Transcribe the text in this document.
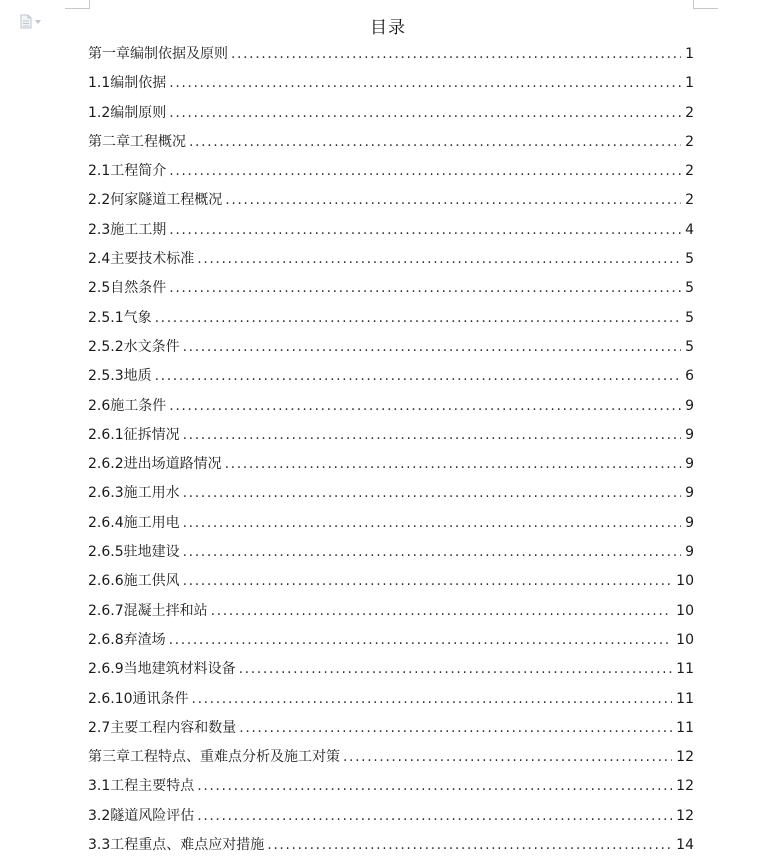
目录
第一章编制依据及原则 .....	1
1.1编制依据 .....	1
1.2编制原则 .....	2
第二章工程概况 .....	2
2.1工程简介 .....	2
2.2何家隧道工程概况 .....	2
2.3施工工期 .....	4
2.4主要技术标准 .....	5
2.5自然条件 .....	5
2.5.1气象 .....	5
2.5.2水文条件 .....	5
2.5.3地质 .....	6
2.6施工条件 .....	9
2.6.1征拆情况 .....	9
2.6.2进出场道路情况 .....	9
2.6.3施工用水 .....	9
2.6.4施工用电 .....	9
2.6.5驻地建设 .....	9
2.6.6施工供风 .....	10
2.6.7混凝土拌和站 .....	10
2.6.8弃渣场 .....	10
2.6.9当地建筑材料设备 .....	11
2.6.10通讯条件 .....	11
2.7主要工程内容和数量 .....	11
第三章工程特点、重难点分析及施工对策 .....	12
3.1工程主要特点 .....	12
3.2隧道风险评估 .....	12
3.3工程重点、难点应对措施 .....	14
